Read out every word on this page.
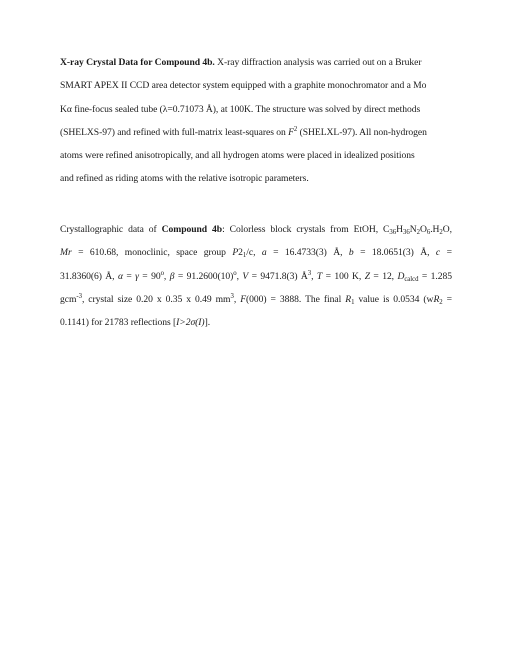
X-ray Crystal Data for Compound 4b. X-ray diffraction analysis was carried out on a Bruker
SMART APEX II CCD area detector system equipped with a graphite monochromator and a Mo
Kα fine-focus sealed tube (λ=0.71073 Å), at 100K. The structure was solved by direct methods
(SHELXS-97) and refined with full-matrix least-squares on $F^2$ (SHELXL-97). All non-hydrogen
atoms were refined anisotropically, and all hydrogen atoms were placed in idealized positions
and refined as riding atoms with the relative isotropic parameters.

Crystallographic data of Compound 4b: Colorless block crystals from EtOH, $C_{36}H_{36}N_2O_6.H_2O$,
Mr = 610.68, monoclinic, space group $P2_1/c$, a = 16.4733(3) Å, b = 18.0651(3) Å, c =
31.8360(6) Å, $\alpha = \gamma = 90^o$, $\beta = 91.2600(10)^o$, V = 9471.8(3) $Å^3$, T = 100 K, Z = 12, $D_{calcd} = 1.285$
gcm$^{-3}$, crystal size 0.20 x 0.35 x 0.49 $mm^3$, F(000) = 3888. The final $R_1$ value is 0.0534 ($wR_2$ =
0.1141) for 21783 reflections [I>2σ(I)].
